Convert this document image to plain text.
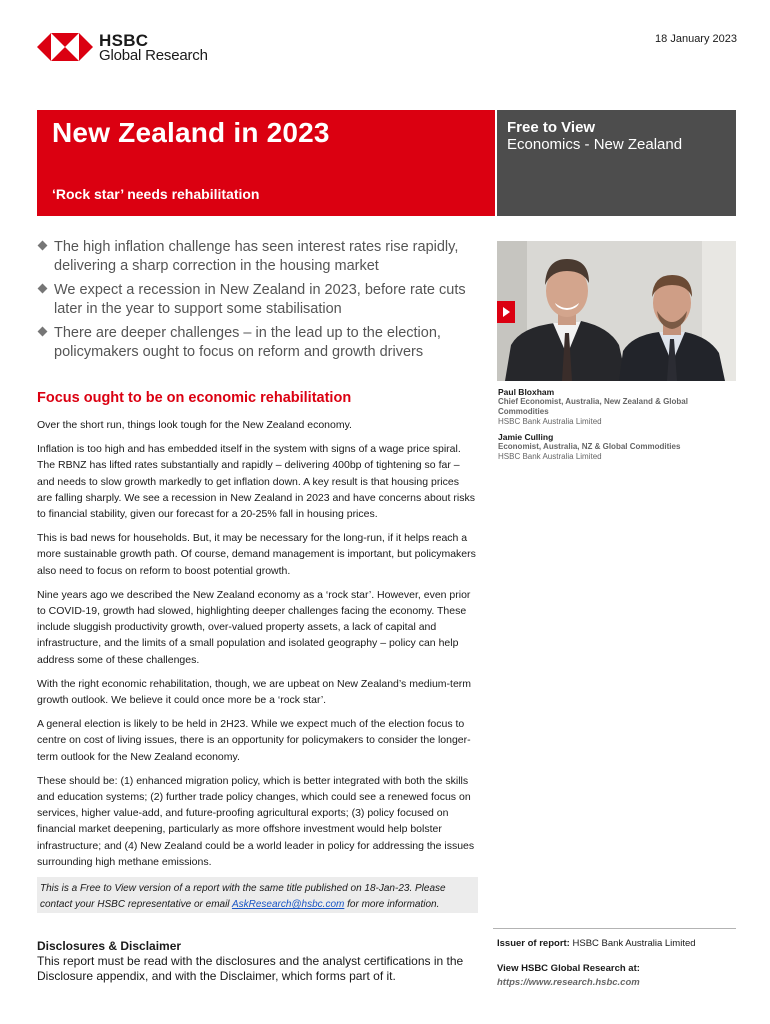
HSBC
Global Research
18 January 2023
New Zealand in 2023
‘Rock star’ needs rehabilitation
Free to View
Economics - New Zealand
The high inflation challenge has seen interest rates rise rapidly, delivering a sharp correction in the housing market
We expect a recession in New Zealand in 2023, before rate cuts later in the year to support some stabilisation
There are deeper challenges – in the lead up to the election, policymakers ought to focus on reform and growth drivers
Focus ought to be on economic rehabilitation

Over the short run, things look tough for the New Zealand economy.

Inflation is too high and has embedded itself in the system with signs of a wage price spiral. The RBNZ has lifted rates substantially and rapidly – delivering 400bp of tightening so far – and needs to slow growth markedly to get inflation down. A key result is that housing prices are falling sharply. We see a recession in New Zealand in 2023 and have concerns about risks to financial stability, given our forecast for a 20-25% fall in housing prices.

This is bad news for households. But, it may be necessary for the long-run, if it helps reach a more sustainable growth path. Of course, demand management is important, but policymakers also need to focus on reform to boost potential growth.

Nine years ago we described the New Zealand economy as a ‘rock star’. However, even prior to COVID-19, growth had slowed, highlighting deeper challenges facing the economy. These include sluggish productivity growth, over-valued property assets, a lack of capital and infrastructure, and the limits of a small population and isolated geography – policy can help address some of these challenges.

With the right economic rehabilitation, though, we are upbeat on New Zealand’s medium-term growth outlook. We believe it could once more be a ‘rock star’.

A general election is likely to be held in 2H23. While we expect much of the election focus to centre on cost of living issues, there is an opportunity for policymakers to consider the longer-term outlook for the New Zealand economy.

These should be: (1) enhanced migration policy, which is better integrated with both the skills and education systems; (2) further trade policy changes, which could see a renewed focus on services, higher value-add, and future-proofing agricultural exports; (3) policy focused on financial market deepening, particularly as more offshore investment would help bolster infrastructure; and (4) New Zealand could be a world leader in policy for addressing the issues surrounding high methane emissions.

This is a Free to View version of a report with the same title published on 18-Jan-23. Please contact your HSBC representative or email AskResearch@hsbc.com for more information.
Disclosures & Disclaimer
This report must be read with the disclosures and the analyst certifications in the Disclosure appendix, and with the Disclaimer, which forms part of it.
Paul Bloxham
Chief Economist, Australia, New Zealand & Global Commodities
HSBC Bank Australia Limited
Jamie Culling
Economist, Australia, NZ & Global Commodities
HSBC Bank Australia Limited
Issuer of report: HSBC Bank Australia Limited
View HSBC Global Research at:
https://www.research.hsbc.com
